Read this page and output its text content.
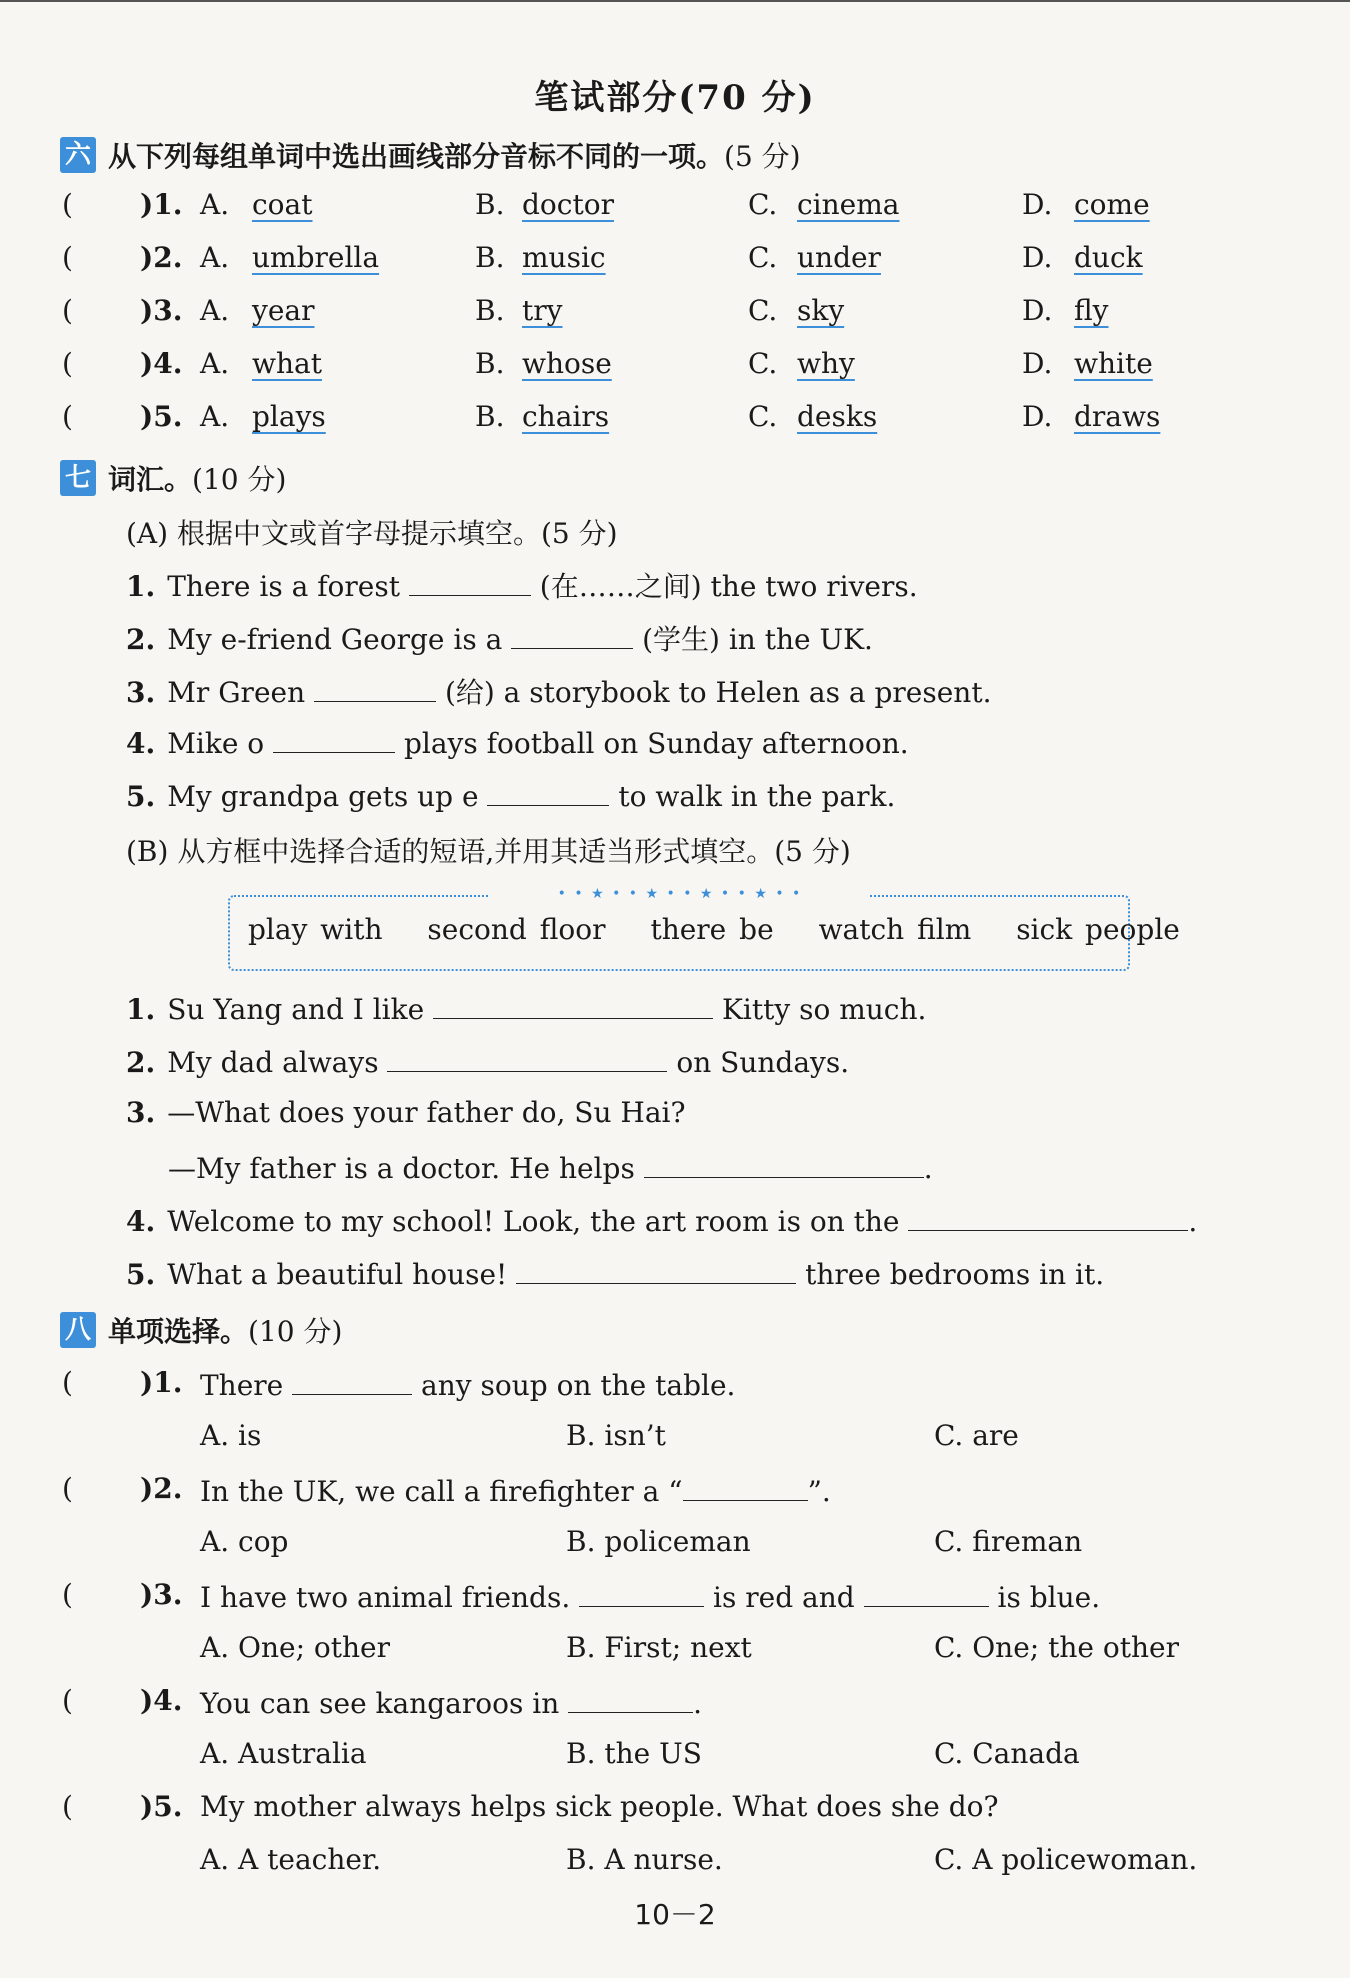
笔试部分(70 分)
六 从下列每组单词中选出画线部分音标不同的一项。 (5 分)
( )1. A. coat	B. doctor	C. cinema	D. come
( )2. A. umbrella	B. music	C. under	D. duck
( )3. A. year	B. try	C. sky	D. fly
( )4. A. what	B. whose	C. why	D. white
( )5. A. plays	B. chairs	C. desks	D. draws
七 词汇。 (10 分)
(A) 根据中文或首字母提示填空。(5 分)
1. There is a forest	(在……之间) the two rivers.
2. My e-friend George is a	(学生) in the UK.
3. Mr Green	(给) a storybook to Helen as a present.
4. Mike o	plays football on Sunday afternoon.
5. My grandpa gets up e	to walk in the park.
(B) 从方框中选择合适的短语,并用其适当形式填空。(5 分)
• • ★ • • ★ • • ★ • • ★ • •
play with second floor there be watch film sick people
1. Su Yang and I like	Kitty so much.
2. My dad always	on Sundays.
3. —What does your father do, Su Hai?
—My father is a doctor. He helps	.
4. Welcome to my school! Look, the art room is on the	.
5. What a beautiful house!	three bedrooms in it.
八 单项选择。 (10 分)
( )1. There	any soup on the table.
A. is	B. isn’t	C. are
( )2. In the UK, we call a firefighter a “	”.
A. cop	B. policeman	C. fireman
( )3. I have two animal friends.	is red and	is blue.
A. One; other	B. First; next	C. One; the other
( )4. You can see kangaroos in	.
A. Australia	B. the US	C. Canada
( )5. My mother always helps sick people. What does she do?
A. A teacher.	B. A nurse.	C. A policewoman.
10－2
